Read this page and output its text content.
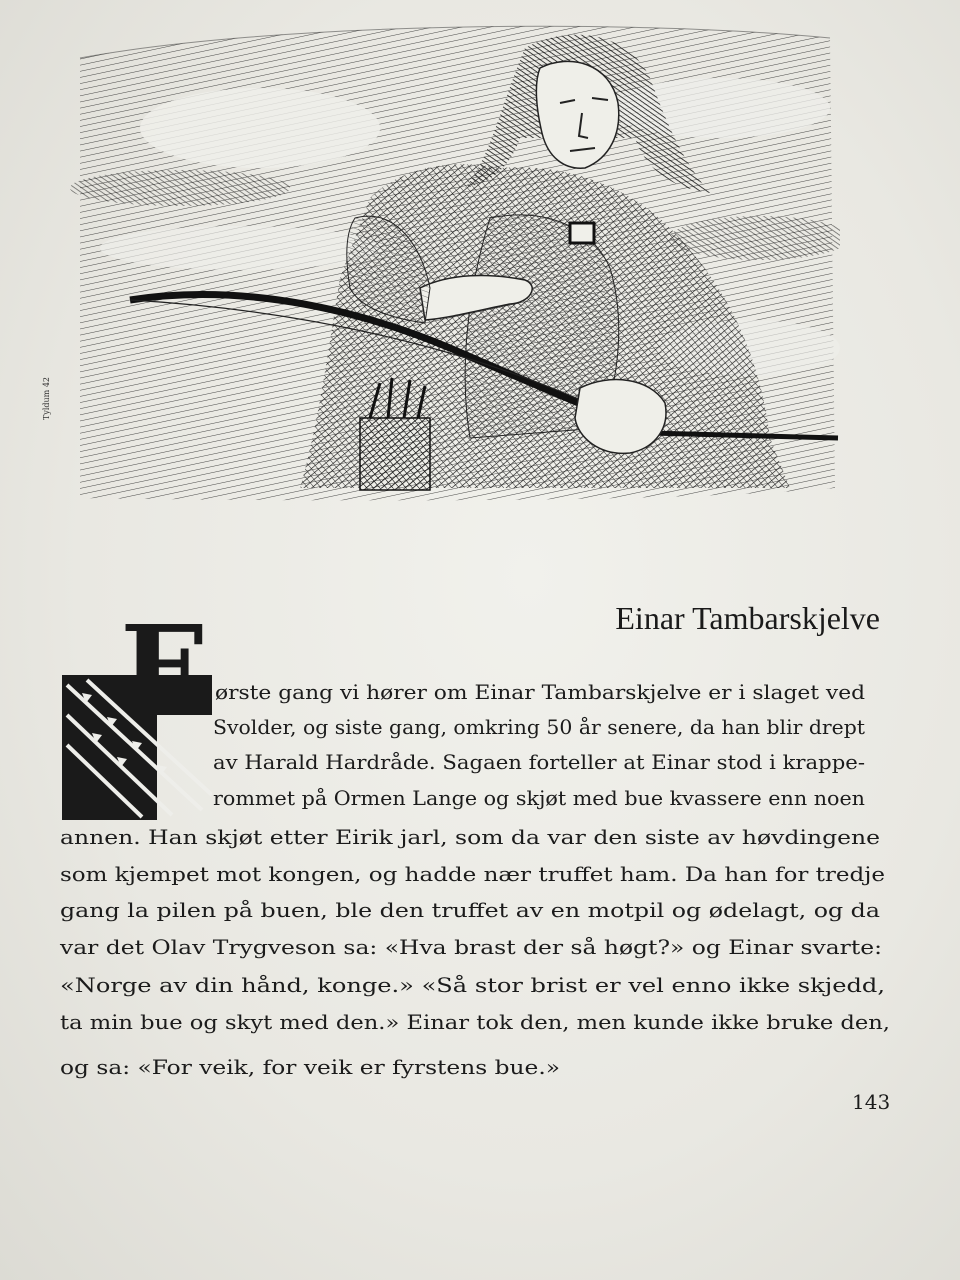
Tyldum 42
Einar Tambarskjelve
F ørste gang vi hører om Einar Tambarskjelve er i slaget ved
Svolder, og siste gang, omkring 50 år senere, da han blir drept
av Harald Hardråde. Sagaen forteller at Einar stod i krappe-
rommet på Ormen Lange og skjøt med bue kvassere enn noen
annen. Han skjøt etter Eirik jarl, som da var den siste av høvdingene
som kjempet mot kongen, og hadde nær truffet ham. Da han for tredje
gang la pilen på buen, ble den truffet av en motpil og ødelagt, og da
var det Olav Trygveson sa: «Hva brast der så høgt?» og Einar svarte:
«Norge av din hånd, konge.» «Så stor brist er vel enno ikke skjedd,
ta min bue og skyt med den.» Einar tok den, men kunde ikke bruke den,
og sa: «For veik, for veik er fyrstens bue.»
143
